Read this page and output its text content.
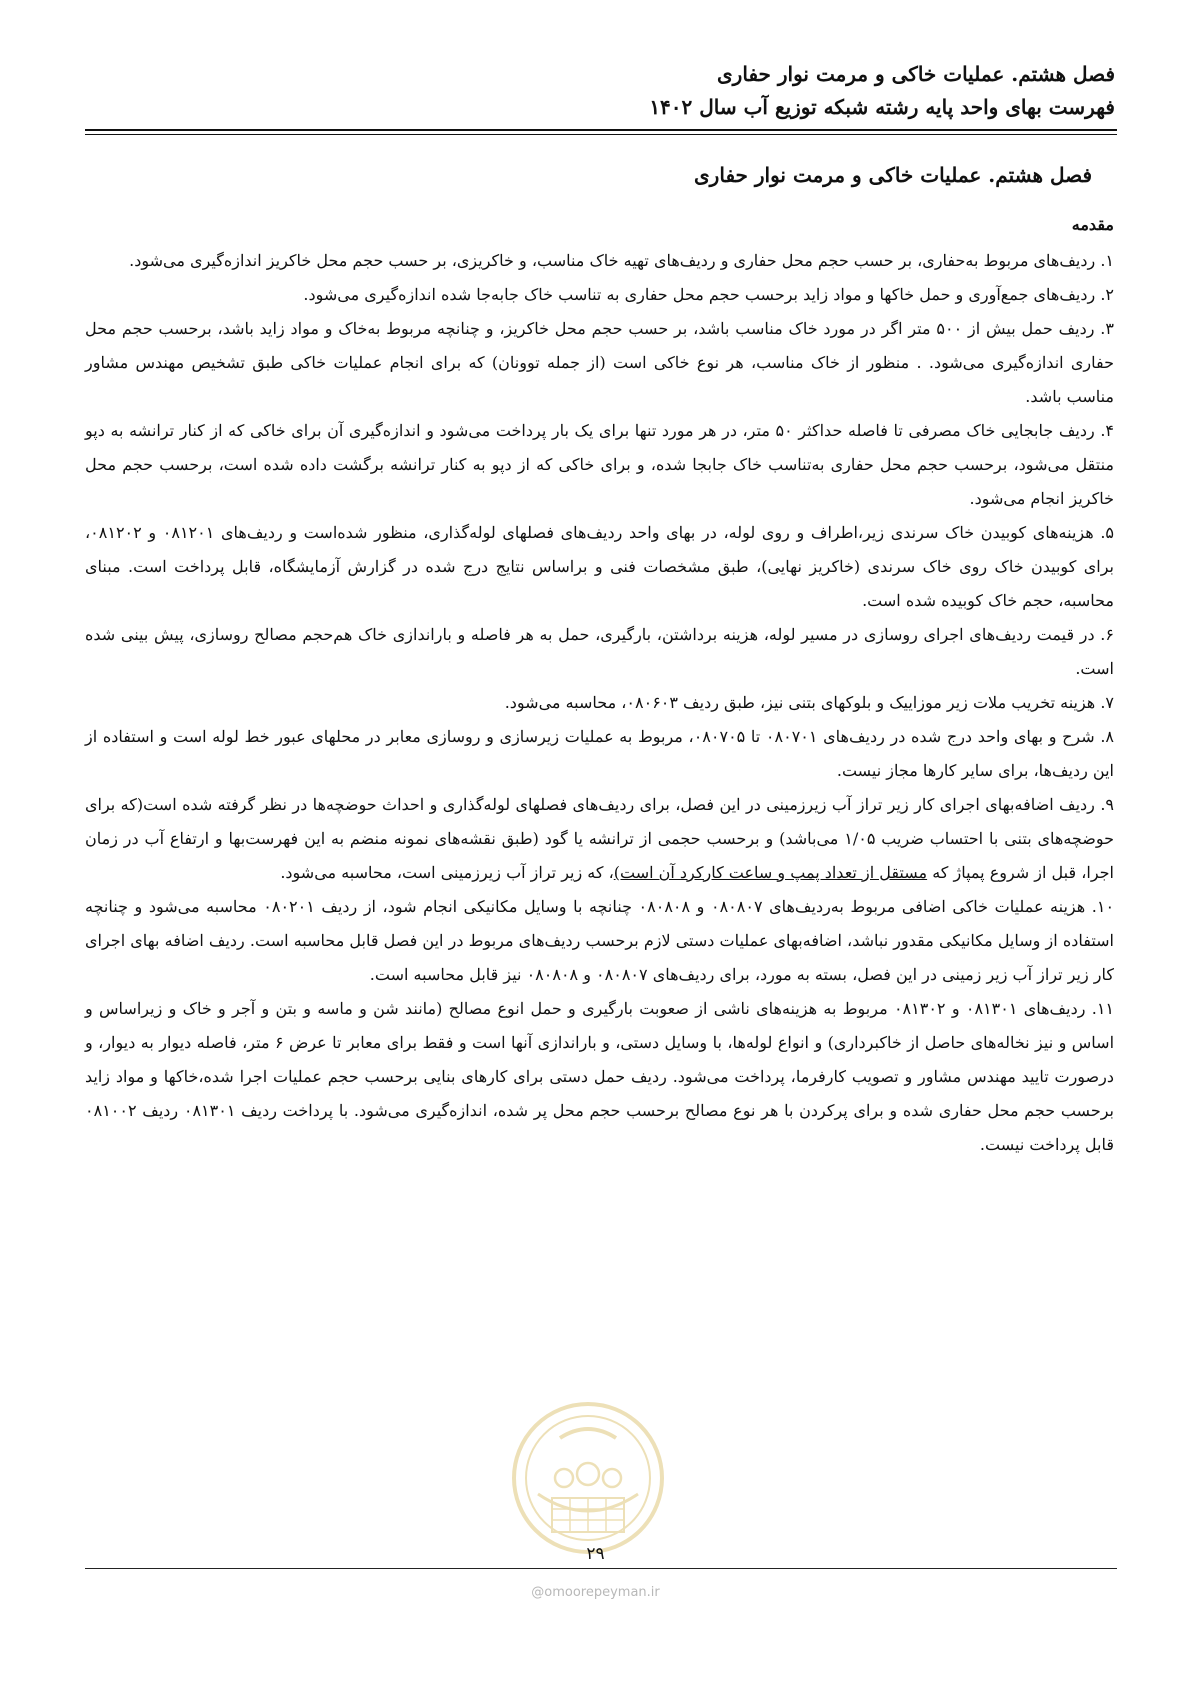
فصل هشتم. عملیات خاکی و مرمت نوار حفاری

فهرست بهای واحد پایه رشته شبکه توزیع آب سال ۱۴۰۲

فصل هشتم. عملیات خاکی و مرمت نوار حفاری

مقدمه

۱. ردیف‌های مربوط به‌حفاری، بر حسب حجم محل حفاری و ردیف‌های تهیه خاک مناسب، و خاکریزی، بر حسب حجم محل خاکریز اندازه‌گیری می‌شود.

۲. ردیف‌های جمع‌آوری و حمل خاکها و مواد زاید برحسب حجم محل حفاری به تناسب خاک جابه‌جا شده اندازه‌گیری می‌شود.

۳. ردیف حمل بیش از ۵۰۰ متر اگر در مورد خاک مناسب باشد، بر حسب حجم محل خاکریز، و چنانچه مربوط به‌خاک و مواد زاید باشد، برحسب حجم محل حفاری اندازه‌گیری می‌شود. . منظور از خاک مناسب، هر نوع خاکی است (از جمله توونان) که برای انجام عملیات خاکی طبق تشخیص مهندس مشاور مناسب باشد.

۴. ردیف جابجایی خاک مصرفی تا فاصله حداکثر ۵۰ متر، در هر مورد تنها برای یک بار پرداخت می‌شود و اندازه‌گیری آن برای خاکی که از کنار ترانشه به دپو منتقل می‌شود، برحسب حجم محل حفاری به‌تناسب خاک جابجا شده، و برای خاکی که از دپو به کنار ترانشه برگشت داده شده است، برحسب حجم محل خاکریز انجام می‌شود.

۵. هزینه‌های کوبیدن خاک سرندی زیر،اطراف و روی لوله، در بهای واحد ردیف‌های فصلهای لوله‌گذاری، منظور شده‌است و ردیف‌های ۰۸۱۲۰۱ و ۰۸۱۲۰۲، برای کوبیدن خاک روی خاک سرندی (خاکریز نهایی)، طبق مشخصات فنی و براساس نتایج درج شده در گزارش آزمایشگاه، قابل پرداخت است. مبنای محاسبه، حجم خاک کوبیده شده است.

۶. در قیمت ردیف‌های اجرای روسازی در مسیر لوله، هزینه برداشتن، بارگیری، حمل به هر فاصله و باراندازی خاک هم‌حجم مصالح روسازی، پیش بینی شده است.

۷. هزینه تخریب ملات زیر موزاییک و بلوکهای بتنی نیز، طبق ردیف ۰۸۰۶۰۳، محاسبه می‌شود.

۸. شرح و بهای واحد درج شده در ردیف‌های ۰۸۰۷۰۱ تا ۰۸۰۷۰۵، مربوط به عملیات زیرسازی و روسازی معابر در محلهای عبور خط لوله است و استفاده از این ردیف‌ها، برای سایر کارها مجاز نیست.

۹. ردیف اضافه‌بهای اجرای کار زیر تراز آب زیرزمینی در این فصل، برای ردیف‌های فصلهای لوله‌گذاری و احداث حوضچه‌ها در نظر گرفته شده است(که برای حوضچه‌های بتنی با احتساب ضریب ۱/۰۵ می‌باشد) و برحسب حجمی از ترانشه یا گود (طبق نقشه‌های نمونه منضم به این فهرست‌بها و ارتفاع آب در زمان اجرا، قبل از شروع پمپاژ که مستقل از تعداد پمپ و ساعت کارکرد آن است)، که زیر تراز آب زیرزمینی است، محاسبه می‌شود.

۱۰. هزینه عملیات خاکی اضافی مربوط به‌ردیف‌های ۰۸۰۸۰۷ و ۰۸۰۸۰۸ چنانچه با وسایل مکانیکی انجام شود، از ردیف ۰۸۰۲۰۱ محاسبه می‌شود و چنانچه استفاده از وسایل مکانیکی مقدور نباشد، اضافه‌بهای عملیات دستی لازم برحسب ردیف‌های مربوط در این فصل قابل محاسبه است. ردیف اضافه بهای اجرای کار زیر تراز آب زیر زمینی در این فصل، بسته به مورد، برای ردیف‌های ۰۸۰۸۰۷ و ۰۸۰۸۰۸ نیز قابل محاسبه است.

۱۱. ردیف‌های ۰۸۱۳۰۱ و ۰۸۱۳۰۲ مربوط به هزینه‌های ناشی از صعوبت بارگیری و حمل انوع مصالح (مانند شن و ماسه و بتن و آجر و خاک و زیراساس و اساس و نیز نخاله‌های حاصل از خاکبرداری) و انواع لوله‌ها، با وسایل دستی، و باراندازی آنها است و فقط برای معابر تا عرض ۶ متر، فاصله دیوار به دیوار، و درصورت تایید مهندس مشاور و تصویب کارفرما، پرداخت می‌شود. ردیف حمل دستی برای کارهای بنایی برحسب حجم عملیات اجرا شده،خاکها و مواد زاید برحسب حجم محل حفاری شده و برای پرکردن با هر نوع مصالح برحسب حجم محل پر شده، اندازه‌گیری می‌شود. با پرداخت ردیف ۰۸۱۳۰۱ ردیف ۰۸۱۰۰۲ قابل پرداخت نیست.

۲۹
@omoorepeyman.ir
